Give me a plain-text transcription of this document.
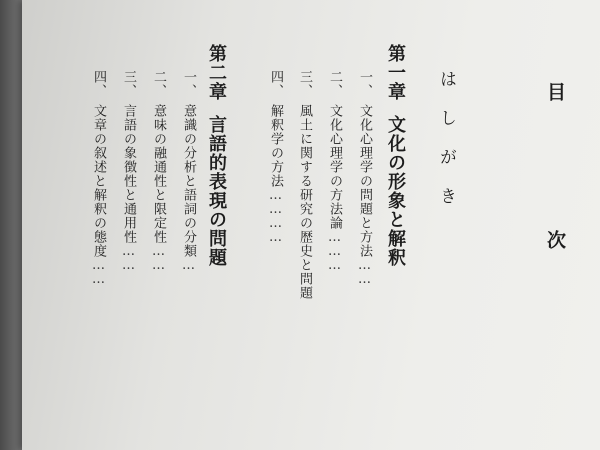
目　次
はしがき
第一章文化の形象と解釈
一、文化心理学の問題と方法……
二、文化心理学の方法論………
三、風土に関する研究の歴史と問題
四、解釈学の方法…………
第二章言語的表現の問題
一、意識の分析と語詞の分類…
二、意味の融通性と限定性……
三、言語の象徴性と通用性……
四、文章の叙述と解釈の態度……
